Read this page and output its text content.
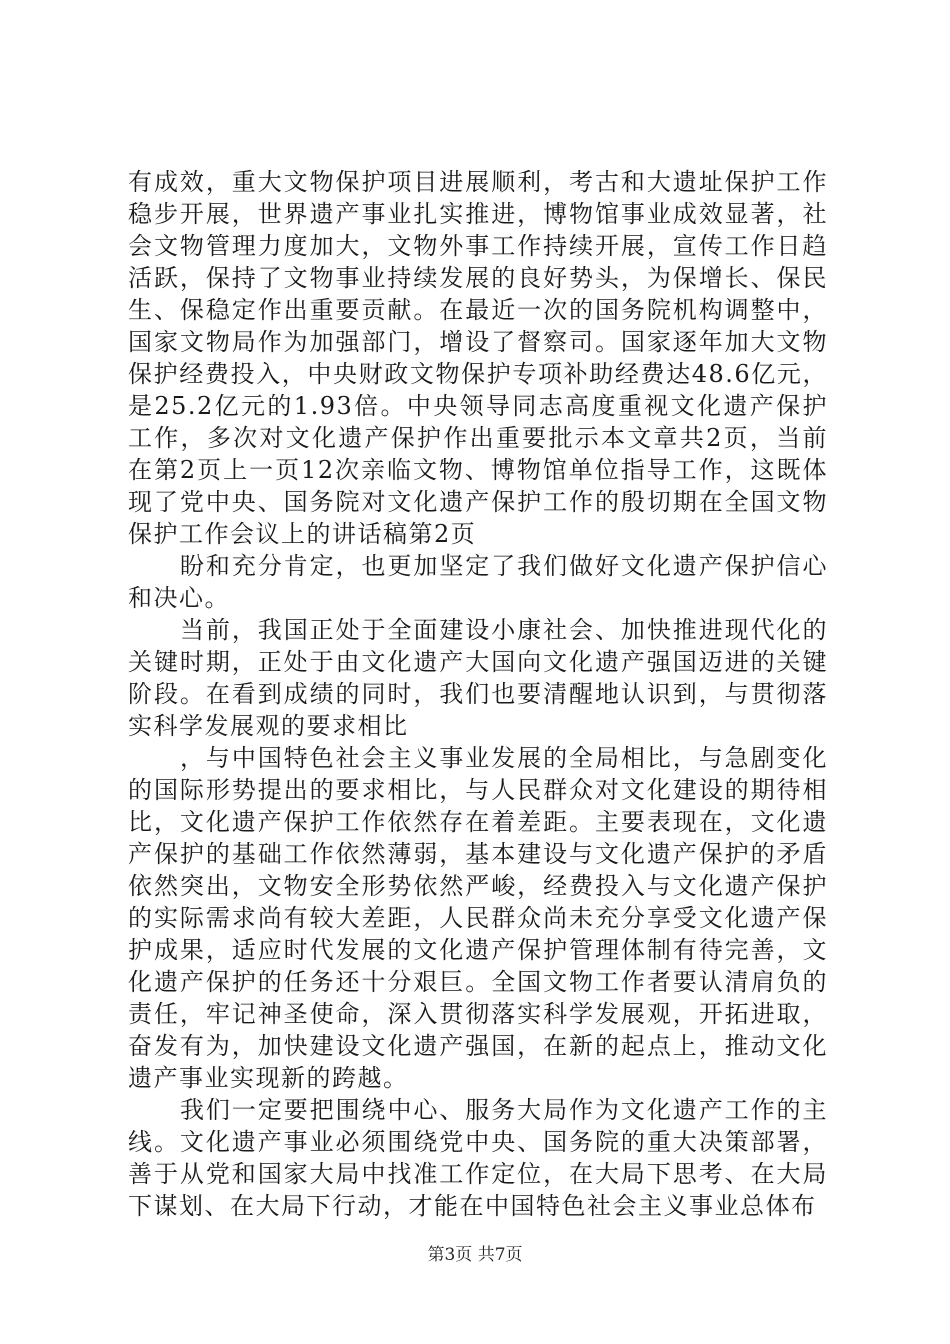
有成效，重大文物保护项目进展顺利，考古和大遗址保护工作稳步开展，世界遗产事业扎实推进，博物馆事业成效显著，社会文物管理力度加大，文物外事工作持续开展，宣传工作日趋活跃，保持了文物事业持续发展的良好势头，为保增长、保民生、保稳定作出重要贡献。在最近一次的国务院机构调整中，国家文物局作为加强部门，增设了督察司。国家逐年加大文物保护经费投入，中央财政文物保护专项补助经费达48.6亿元，是25.2亿元的1.93倍。中央领导同志高度重视文化遗产保护工作，多次对文化遗产保护作出重要批示本文章共2页，当前在第2页上一页12次亲临文物、博物馆单位指导工作，这既体现了党中央、国务院对文化遗产保护工作的殷切期在全国文物保护工作会议上的讲话稿第2页

盼和充分肯定，也更加坚定了我们做好文化遗产保护信心和决心。

当前，我国正处于全面建设小康社会、加快推进现代化的关键时期，正处于由文化遗产大国向文化遗产强国迈进的关键阶段。在看到成绩的同时，我们也要清醒地认识到，与贯彻落实科学发展观的要求相比

，与中国特色社会主义事业发展的全局相比，与急剧变化的国际形势提出的要求相比，与人民群众对文化建设的期待相比，文化遗产保护工作依然存在着差距。主要表现在，文化遗产保护的基础工作依然薄弱，基本建设与文化遗产保护的矛盾依然突出，文物安全形势依然严峻，经费投入与文化遗产保护的实际需求尚有较大差距，人民群众尚未充分享受文化遗产保护成果，适应时代发展的文化遗产保护管理体制有待完善，文化遗产保护的任务还十分艰巨。全国文物工作者要认清肩负的责任，牢记神圣使命，深入贯彻落实科学发展观，开拓进取，奋发有为，加快建设文化遗产强国，在新的起点上，推动文化遗产事业实现新的跨越。

我们一定要把围绕中心、服务大局作为文化遗产工作的主线。文化遗产事业必须围绕党中央、国务院的重大决策部署，善于从党和国家大局中找准工作定位，在大局下思考、在大局下谋划、在大局下行动，才能在中国特色社会主义事业总体布

第3页 共7页
